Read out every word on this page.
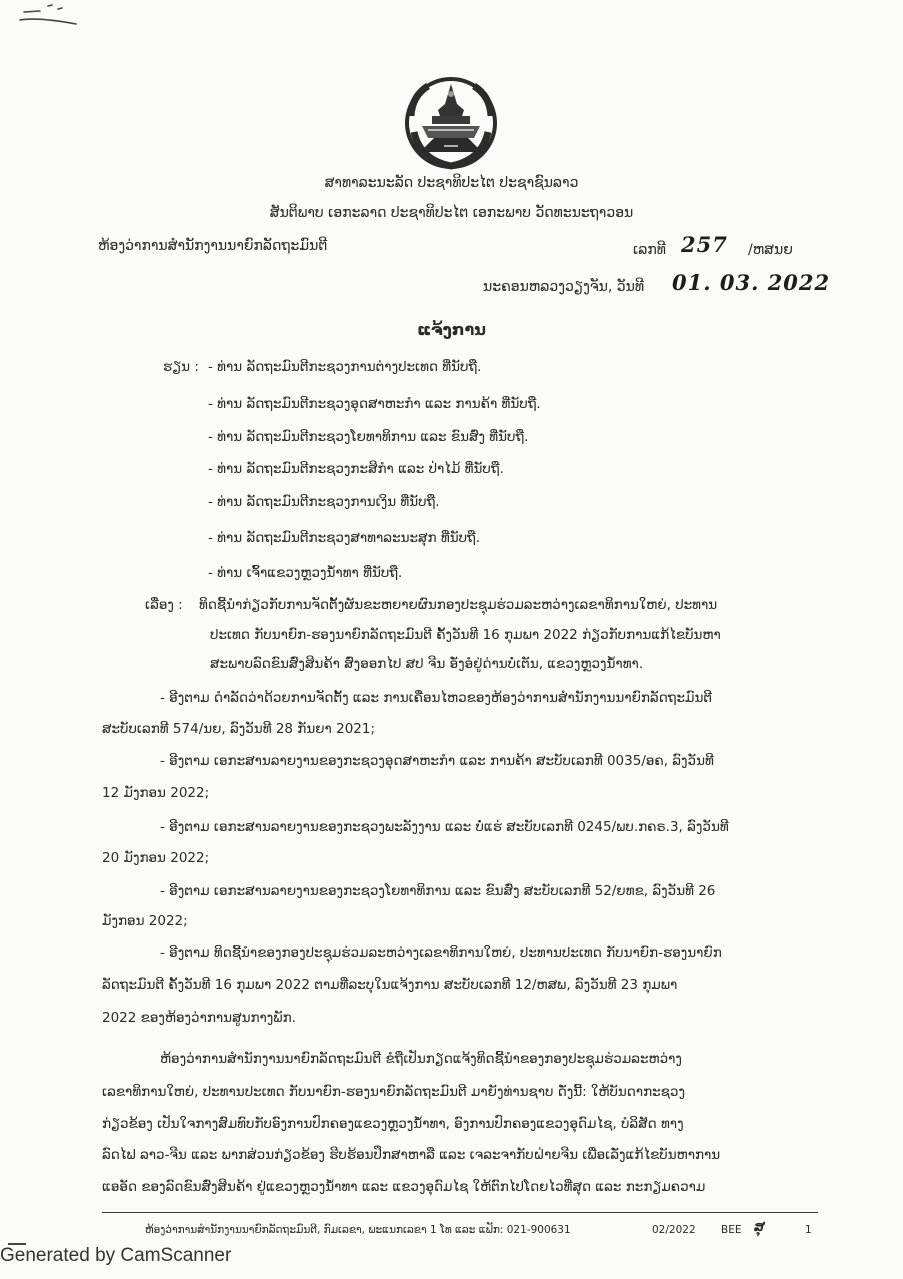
ສາທາລະນະລັດ ປະຊາທິປະໄຕ ປະຊາຊົນລາວ
ສັນຕິພາບ ເອກະລາດ ປະຊາທິປະໄຕ ເອກະພາບ ວັດທະນະຖາວອນ
ຫ້ອງວ່າການສຳນັກງານນາຍົກລັດຖະມົນຕີ	ເລກທີ 257 /ຫສນຍ
ນະຄອນຫລວງວຽງຈັນ, ວັນທີ 01. 03. 2022
ແຈ້ງການ
ຮຽນ : - ທ່ານ ລັດຖະມົນຕີກະຊວງການຕ່າງປະເທດ ທີ່ນັບຖື.
- ທ່ານ ລັດຖະມົນຕີກະຊວງອຸດສາຫະກຳ ແລະ ການຄ້າ ທີ່ນັບຖື.
- ທ່ານ ລັດຖະມົນຕີກະຊວງໂຍທາທິການ ແລະ ຂົນສົ່ງ ທີ່ນັບຖື.
- ທ່ານ ລັດຖະມົນຕີກະຊວງກະສິກຳ ແລະ ປ່າໄມ້ ທີ່ນັບຖື.
- ທ່ານ ລັດຖະມົນຕີກະຊວງການເງິນ ທີ່ນັບຖື.
- ທ່ານ ລັດຖະມົນຕີກະຊວງສາທາລະນະສຸກ ທີ່ນັບຖື.
- ທ່ານ ເຈົ້າແຂວງຫຼວງນ້ຳທາ ທີ່ນັບຖື.
ເລື່ອງ : ທິດຊີ້ນຳກ່ຽວກັບການຈັດຕັ້ງຜັນຂະຫຍາຍຜົນກອງປະຊຸມຮ່ວມລະຫວ່າງເລຂາທິການໃຫຍ່, ປະທານ
ປະເທດ ກັບນາຍົກ-ຮອງນາຍົກລັດຖະມົນຕີ ຄັ້ງວັນທີ 16 ກຸມພາ 2022 ກ່ຽວກັບການແກ້ໄຂບັນຫາ
ສະພາບລົດຂົນສົ່ງສິນຄ້າ ສົ່ງອອກໄປ ສປ ຈີນ ອັ່ງອໍຢູ່ດ່ານບໍ່ເຕັນ, ແຂວງຫຼວງນ້ຳທາ.
- ອີງຕາມ ດຳລັດວ່າດ້ວຍການຈັດຕັ້ງ ແລະ ການເຄື່ອນໄຫວຂອງຫ້ອງວ່າການສຳນັກງານນາຍົກລັດຖະມົນຕີ
ສະບັບເລກທີ 574/ນຍ, ລົງວັນທີ 28 ກັນຍາ 2021;
- ອີງຕາມ ເອກະສານລາຍງານຂອງກະຊວງອຸດສາຫະກຳ ແລະ ການຄ້າ ສະບັບເລກທີ 0035/ອຄ, ລົງວັນທີ
12 ມັງກອນ 2022;
- ອີງຕາມ ເອກະສານລາຍງານຂອງກະຊວງພະລັງງານ ແລະ ບໍ່ແຮ່ ສະບັບເລກທີ 0245/ພບ.ກຄຣ.3, ລົງວັນທີ
20 ມັງກອນ 2022;
- ອີງຕາມ ເອກະສານລາຍງານຂອງກະຊວງໂຍທາທິການ ແລະ ຂົນສົ່ງ ສະບັບເລກທີ 52/ຍທຂ, ລົງວັນທີ 26
ມັງກອນ 2022;
- ອີງຕາມ ທິດຊີ້ນຳຂອງກອງປະຊຸມຮ່ວມລະຫວ່າງເລຂາທິການໃຫຍ່, ປະທານປະເທດ ກັບນາຍົກ-ຮອງນາຍົກ
ລັດຖະມົນຕີ ຄັ້ງວັນທີ 16 ກຸມພາ 2022 ຕາມທີ່ລະບຸໃນແຈ້ງການ ສະບັບເລກທີ 12/ຫສພ, ລົງວັນທີ 23 ກຸມພາ
2022 ຂອງຫ້ອງວ່າການສູນກາງພັກ.
ຫ້ອງວ່າການສຳນັກງານນາຍົກລັດຖະມົນຕີ ຂໍຖືເປັນກຽດແຈ້ງທິດຊີ້ນຳຂອງກອງປະຊຸມຮ່ວມລະຫວ່າງ
ເລຂາທິການໃຫຍ່, ປະທານປະເທດ ກັບນາຍົກ-ຮອງນາຍົກລັດຖະມົນຕີ ມາຍັງທ່ານຊາບ ດັ່ງນີ້: ໃຫ້ບັນດາກະຊວງ
ກ່ຽວຂ້ອງ ເປັນໃຈກາງສົມທົບກັບອົງການປົກຄອງແຂວງຫຼວງນ້ຳທາ, ອົງການປົກຄອງແຂວງອຸດົມໄຊ, ບໍລິສັດ ທາງ
ລົດໄຟ ລາວ-ຈີນ ແລະ ພາກສ່ວນກ່ຽວຂ້ອງ ຮີບຮ້ອນປຶກສາຫາລື ແລະ ເຈລະຈາກັບຝ່າຍຈີນ ເພື່ອເລັ່ງແກ້ໄຂບັນຫາການ
ແອອັດ ຂອງລົດຂົນສົ່ງສິນຄ້າ ຢູ່ແຂວງຫຼວງນ້ຳທາ ແລະ ແຂວງອຸດົມໄຊ ໃຫ້ຕົກໄປໂດຍໄວທີ່ສຸດ ແລະ ກະກຽມຄວາມ
ຫ້ອງວ່າການສຳນັກງານນາຍົກລັດຖະມົນຕີ, ກົມເລຂາ, ພະແນກເລຂາ 1 ໂທ ແລະ ແຟັກ: 021-900631	02/2022 BEE ສຸ	1
Generated by CamScanner
